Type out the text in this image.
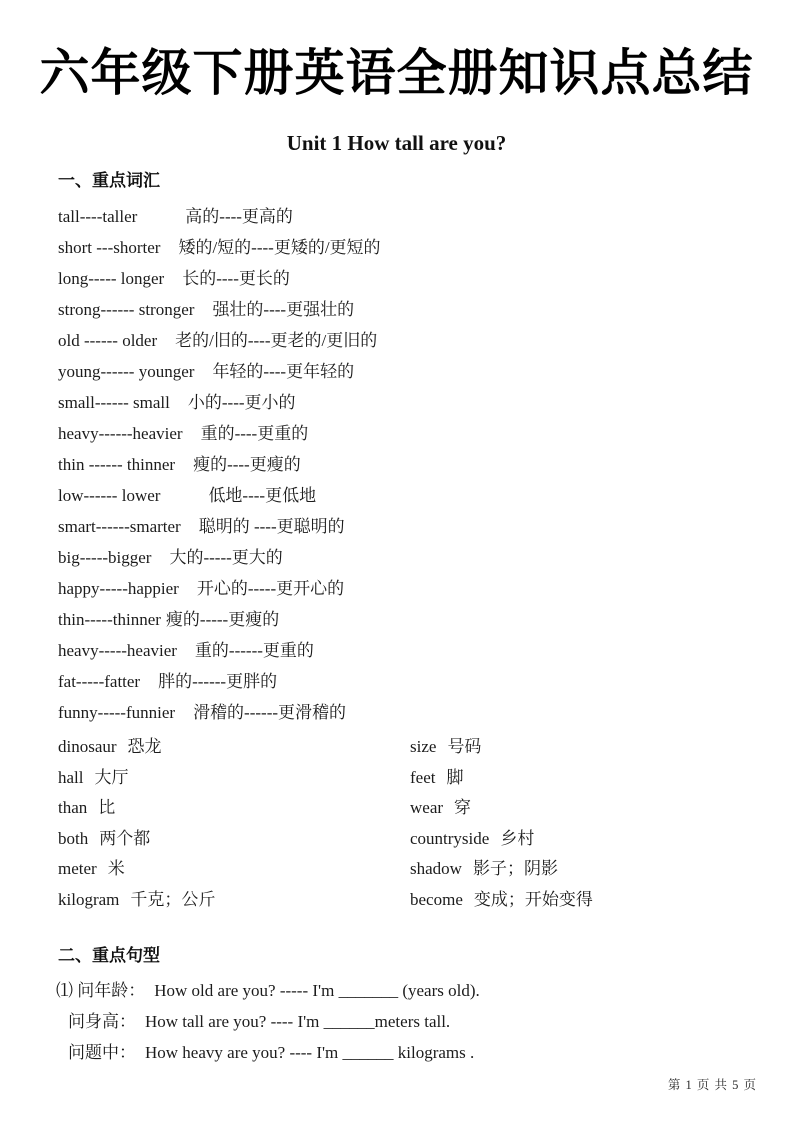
六年级下册英语全册知识点总结
Unit 1 How tall are you?
一、重点词汇
tall----taller	高的----更高的
short ---shorter 矮的/短的----更矮的/更短的
long----- longer 长的----更长的
strong------ stronger 强壮的----更强壮的
old ------ older 老的/旧的----更老的/更旧的
young------ younger 年轻的----更年轻的
small------ small 小的----更小的
heavy------heavier 重的----更重的
thin ------ thinner 瘦的----更瘦的
low------ lower	低地----更低地
smart------smarter 聪明的 ----更聪明的
big-----bigger 大的-----更大的
happy-----happier 开心的-----更开心的
thin-----thinner 瘦的-----更瘦的
heavy-----heavier 重的------更重的
fat-----fatter 胖的------更胖的
funny-----funnier 滑稽的------更滑稽的
dinosaur 恐龙	size 号码
hall 大厅	feet 脚
than 比	wear 穿
both 两个都	countryside 乡村
meter 米	shadow 影子；阴影
kilogram 千克；公斤	become 变成；开始变得
二、重点句型
⑴ 问年龄： How old are you? ----- I'm _______ (years old).
问身高： How tall are you? ---- I'm ______meters tall.
问题中： How heavy are you? ---- I'm ______ kilograms .
第 1 页 共 5 页
